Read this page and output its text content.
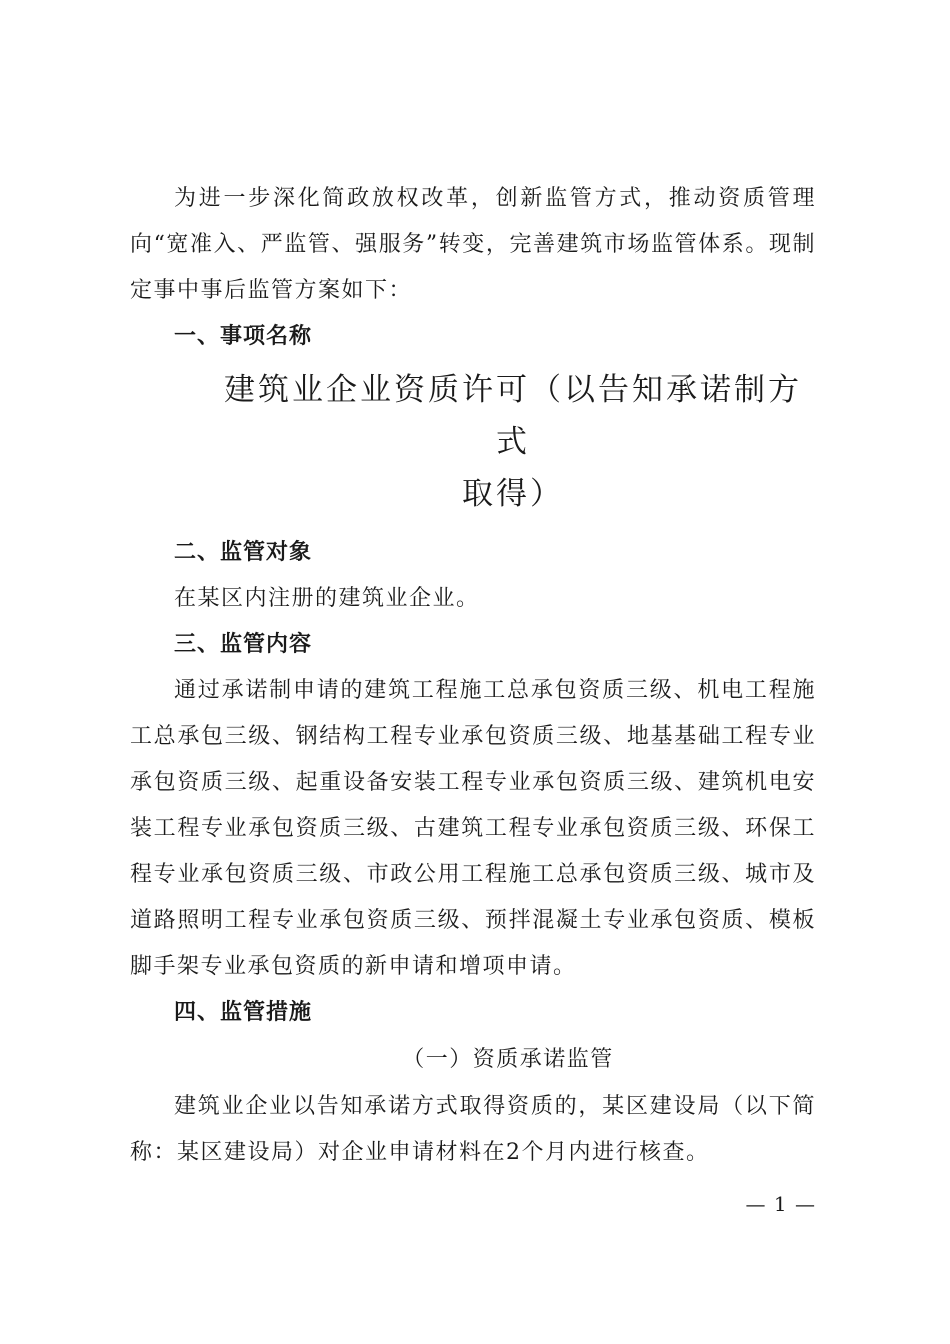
为进一步深化简政放权改革，创新监管方式，推动资质管理向“宽准入、严监管、强服务”转变，完善建筑市场监管体系。现制定事中事后监管方案如下：

一、事项名称

建筑业企业资质许可（以告知承诺制方式
取得）

二、监管对象

在某区内注册的建筑业企业。

三、监管内容

通过承诺制申请的建筑工程施工总承包资质三级、机电工程施工总承包三级、钢结构工程专业承包资质三级、地基基础工程专业承包资质三级、起重设备安装工程专业承包资质三级、建筑机电安装工程专业承包资质三级、古建筑工程专业承包资质三级、环保工程专业承包资质三级、市政公用工程施工总承包资质三级、城市及道路照明工程专业承包资质三级、预拌混凝土专业承包资质、模板脚手架专业承包资质的新申请和增项申请。

四、监管措施

（一）资质承诺监管

建筑业企业以告知承诺方式取得资质的，某区建设局（以下简称：某区建设局）对企业申请材料在2个月内进行核查。

— 1 —
